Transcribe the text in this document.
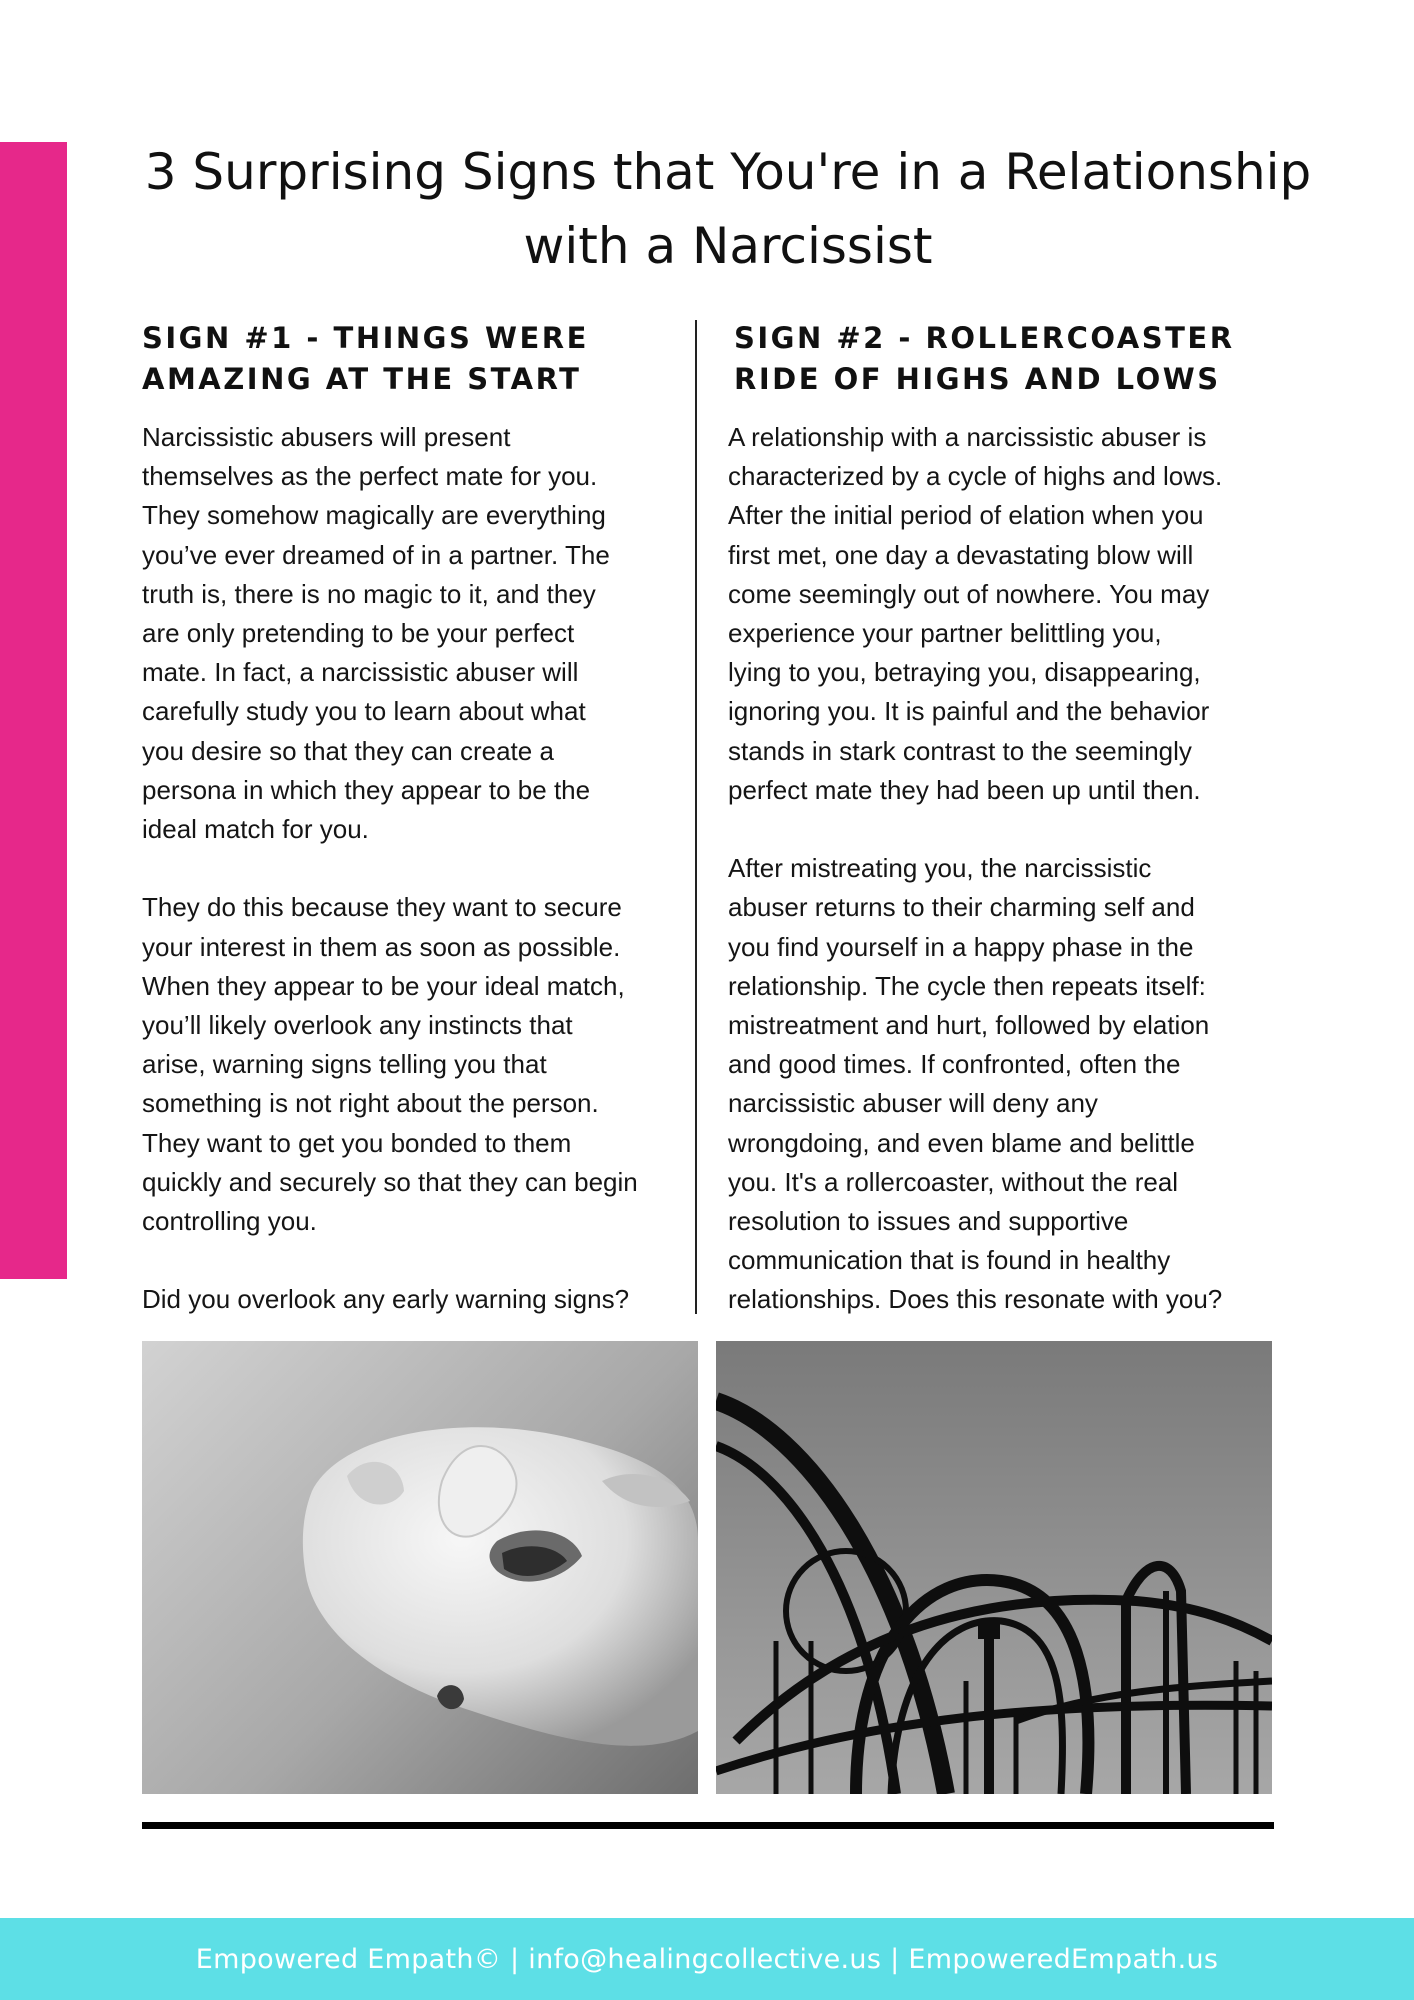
3 Surprising Signs that You're in a Relationship with a Narcissist
SIGN #1 - THINGS WERE
AMAZING AT THE START

Narcissistic abusers will present
themselves as the perfect mate for you.
They somehow magically are everything
you’ve ever dreamed of in a partner. The
truth is, there is no magic to it, and they
are only pretending to be your perfect
mate. In fact, a narcissistic abuser will
carefully study you to learn about what
you desire so that they can create a
persona in which they appear to be the
ideal match for you.

They do this because they want to secure
your interest in them as soon as possible.
When they appear to be your ideal match,
you’ll likely overlook any instincts that
arise, warning signs telling you that
something is not right about the person.
They want to get you bonded to them
quickly and securely so that they can begin
controlling you.

Did you overlook any early warning signs?

SIGN #2 - ROLLERCOASTER
RIDE OF HIGHS AND LOWS

A relationship with a narcissistic abuser is
characterized by a cycle of highs and lows.
After the initial period of elation when you
first met, one day a devastating blow will
come seemingly out of nowhere. You may
experience your partner belittling you,
lying to you, betraying you, disappearing,
ignoring you. It is painful and the behavior
stands in stark contrast to the seemingly
perfect mate they had been up until then.

After mistreating you, the narcissistic
abuser returns to their charming self and
you find yourself in a happy phase in the
relationship. The cycle then repeats itself:
mistreatment and hurt, followed by elation
and good times. If confronted, often the
narcissistic abuser will deny any
wrongdoing, and even blame and belittle
you. It's a rollercoaster, without the real
resolution to issues and supportive
communication that is found in healthy
relationships. Does this resonate with you?

Empowered Empath© | info@healingcollective.us | EmpoweredEmpath.us
